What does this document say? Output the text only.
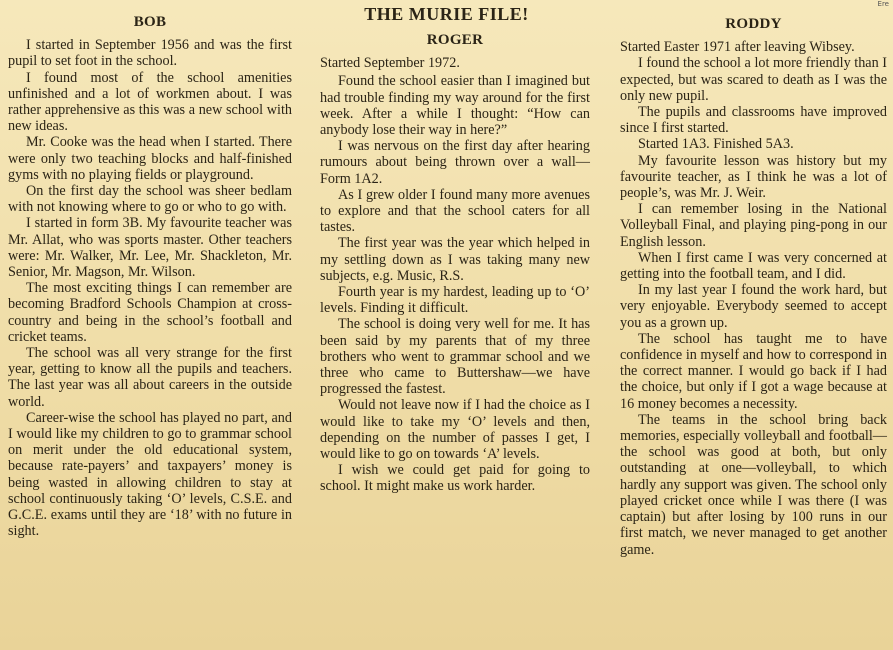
THE MURIE FILE!	Ere
BOB

I started in September 1956 and was the first pupil to set foot in the school.

I found most of the school amenities unfinished and a lot of workmen about. I was rather apprehensive as this was a new school with new ideas.

Mr. Cooke was the head when I started. There were only two teaching blocks and half-finished gyms with no playing fields or playground.

On the first day the school was sheer bedlam with not knowing where to go or who to go with.

I started in form 3B. My favourite teacher was Mr. Allat, who was sports master. Other teachers were: Mr. Walker, Mr. Lee, Mr. Shackleton, Mr. Senior, Mr. Magson, Mr. Wilson.

The most exciting things I can remember are becoming Bradford Schools Champion at cross-country and being in the school’s football and cricket teams.

The school was all very strange for the first year, getting to know all the pupils and teachers. The last year was all about careers in the outside world.

Career-wise the school has played no part, and I would like my children to go to grammar school on merit under the old educational system, because rate-payers’ and taxpayers’ money is being wasted in allowing children to stay at school continuously taking ‘O’ levels, C.S.E. and G.C.E. exams until they are ‘18’ with no future in sight.

ROGER

Started September 1972.

Found the school easier than I imagined but had trouble finding my way around for the first week. After a while I thought: “How can anybody lose their way in here?”

I was nervous on the first day after hearing rumours about being thrown over a wall—Form 1A2.

As I grew older I found many more avenues to explore and that the school caters for all tastes.

The first year was the year which helped in my settling down as I was taking many new subjects, e.g. Music, R.S.

Fourth year is my hardest, leading up to ‘O’ levels. Finding it difficult.

The school is doing very well for me. It has been said by my parents that of my three brothers who went to grammar school and we three who came to Buttershaw—we have progressed the fastest.

Would not leave now if I had the choice as I would like to take my ‘O’ levels and then, depending on the number of passes I get, I would like to go on towards ‘A’ levels.

I wish we could get paid for going to school. It might make us work harder.

RODDY

Started Easter 1971 after leaving Wibsey.

I found the school a lot more friendly than I expected, but was scared to death as I was the only new pupil.

The pupils and classrooms have improved since I first started.

Started 1A3. Finished 5A3.

My favourite lesson was history but my favourite teacher, as I think he was a lot of people’s, was Mr. J. Weir.

I can remember losing in the National Volleyball Final, and playing ping-pong in our English lesson.

When I first came I was very concerned at getting into the football team, and I did.

In my last year I found the work hard, but very enjoyable. Everybody seemed to accept you as a grown up.

The school has taught me to have confidence in myself and how to correspond in the correct manner. I would go back if I had the choice, but only if I got a wage because at 16 money becomes a necessity.

The teams in the school bring back memories, especially volleyball and football—the school was good at both, but only outstanding at one—volleyball, to which hardly any support was given. The school only played cricket once while I was there (I was captain) but after losing by 100 runs in our first match, we never managed to get another game.
